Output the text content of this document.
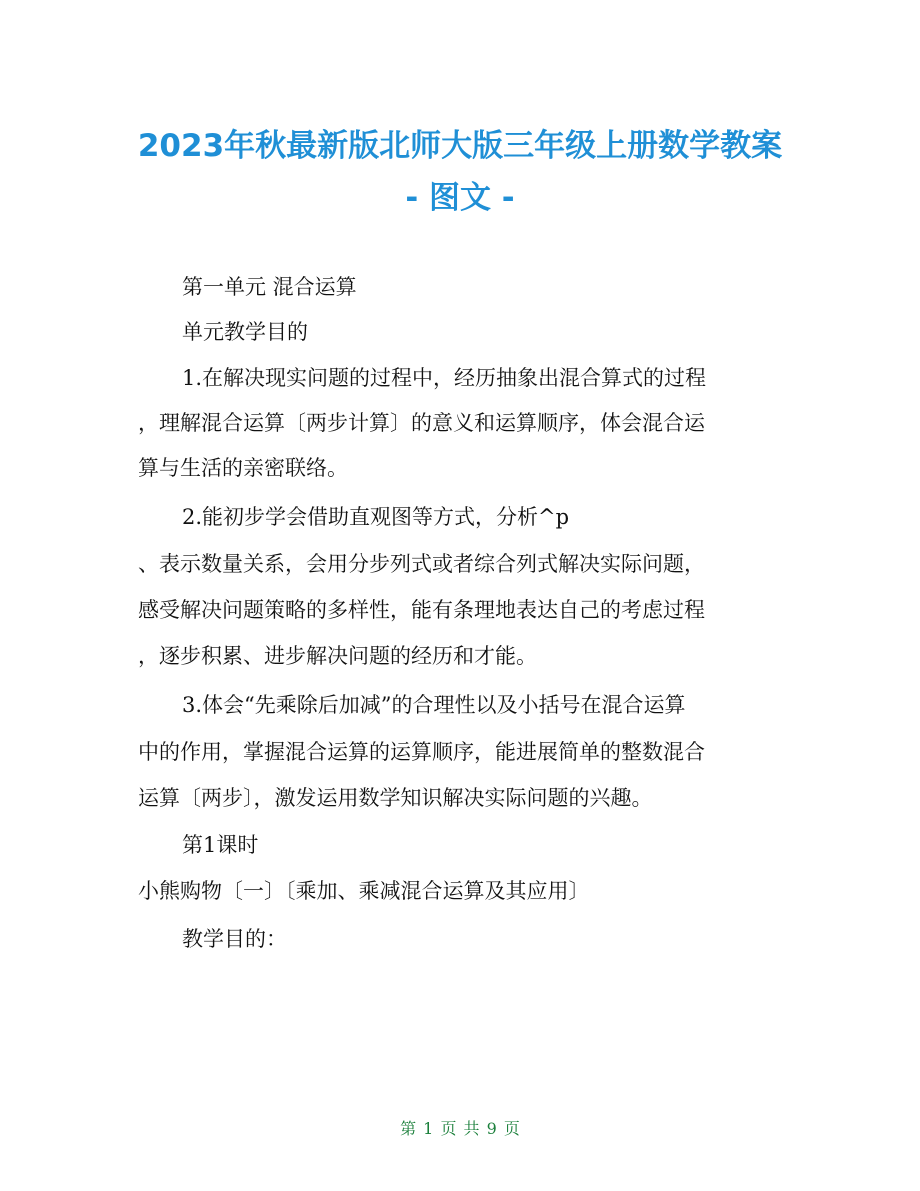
2023年秋最新版北师大版三年级上册数学教案
- 图文 -
第一单元 混合运算
单元教学目的
1.在解决现实问题的过程中，经历抽象出混合算式的过程
，理解混合运算〔两步计算〕的意义和运算顺序，体会混合运
算与生活的亲密联络。
2.能初步学会借助直观图等方式，分析^p
、表示数量关系，会用分步列式或者综合列式解决实际问题，
感受解决问题策略的多样性，能有条理地表达自己的考虑过程
，逐步积累、进步解决问题的经历和才能。
3.体会“先乘除后加减”的合理性以及小括号在混合运算
中的作用，掌握混合运算的运算顺序，能进展简单的整数混合
运算〔两步〕，激发运用数学知识解决实际问题的兴趣。
第1课时
小熊购物〔一〕〔乘加、乘减混合运算及其应用〕
教学目的：
第 1 页 共 9 页
